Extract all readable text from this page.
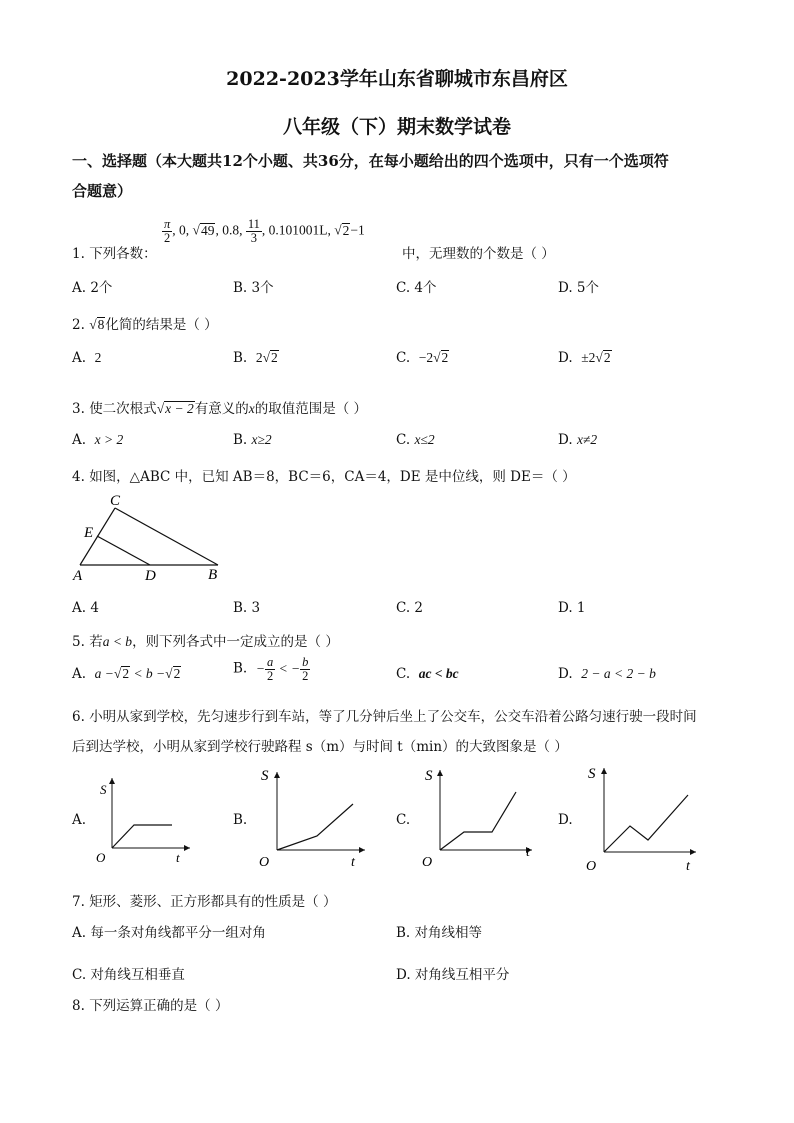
2022-2023学年山东省聊城市东昌府区
八年级（下）期末数学试卷
一、选择题（本大题共12个小题、共36分，在每小题给出的四个选项中，只有一个选项符
合题意）
1. 下列各数：
$\frac{\pi}{2}$ , 0, √49, 0.8, $\frac{11}{3}$ , 0.101001L, √2−1
中，无理数的个数是（ ）
A. 2个	B. 3个	C. 4个	D. 5个
2. √8化简的结果是（ ）
A. 2	B. 2√2	C. −2√2	D. ±2√2
3. 使二次根式√x − 2有意义的x的取值范围是（ ）
A. x > 2	B. x≥2	C. x≤2	D. x≠2
4. 如图，△ABC 中，已知 AB＝8，BC＝6，CA＝4，DE 是中位线，则 DE＝（ ）
C
E
A	D	B
A. 4	B. 3	C. 2	D. 1
5. 若a < b，则下列各式中一定成立的是（ ）
A. a −√2 < b −√2	B. − $\frac{a}{2}$ < − $\frac{b}{2}$	C. ac < bc	D. 2 − a < 2 − b
6. 小明从家到学校，先匀速步行到车站，等了几分钟后坐上了公交车，公交车沿着公路匀速行驶一段时间
后到达学校，小明从家到学校行驶路程 s（m）与时间 t（min）的大致图象是（ ）
A.
S
t
O
B.
S
t
O
C.
S
t
O
D.
S
t
O
7. 矩形、菱形、正方形都具有的性质是（ ）
A. 每一条对角线都平分一组对角	B. 对角线相等
C. 对角线互相垂直	D. 对角线互相平分
8. 下列运算正确的是（ ）
